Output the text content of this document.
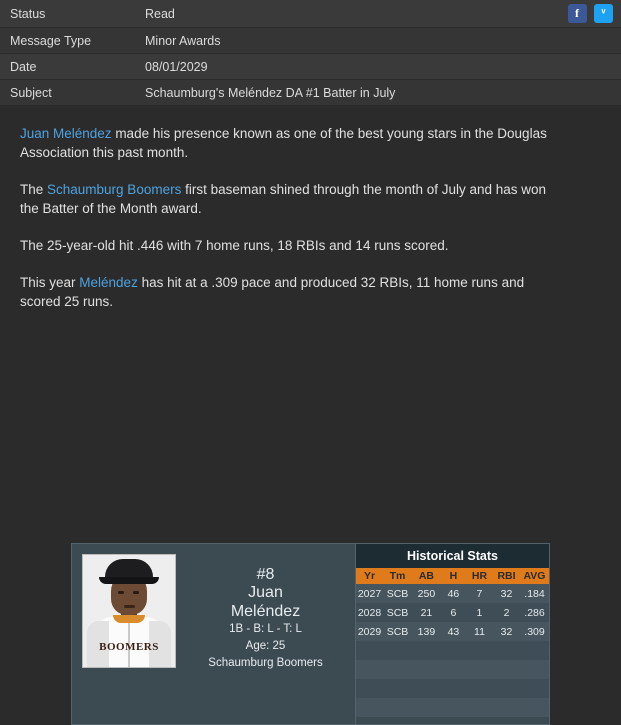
Status	Read	f ᵛ
Message Type	Minor Awards	
Date	08/01/2029	
Subject	Schaumburg's Meléndez DA #1 Batter in July	

Juan Meléndez made his presence known as one of the best young stars in the Douglas Association this past month.

The Schaumburg Boomers first baseman shined through the month of July and has won the Batter of the Month award.

The 25-year-old hit .446 with 7 home runs, 18 RBIs and 14 runs scored.

This year Meléndez has hit at a .309 pace and produced 32 RBIs, 11 home runs and scored 25 runs.

BOOMERS
#8
Juan
Meléndez
1B - B: L - T: L
Age: 25
Schaumburg Boomers
Historical Stats
Yr	Tm	AB	H	HR	RBI	AVG
2027	SCB	250	46	7	32	.184
2028	SCB	21	6	1	2	.286
2029	SCB	139	43	11	32	.309
